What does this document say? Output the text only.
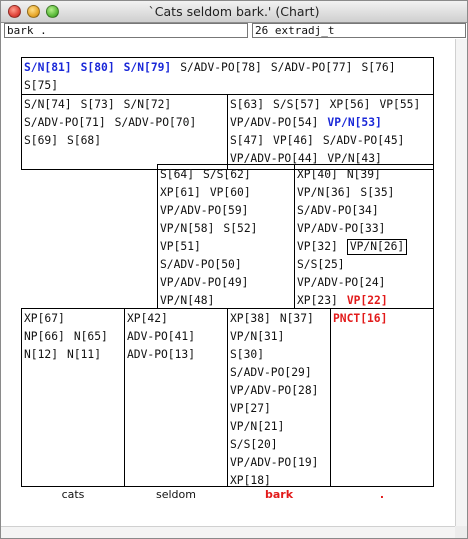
`Cats seldom bark.' (Chart)
bark .	26 extradj_t
S/N[81] S[80] S/N[79] S/ADV-PO[78] S/ADV-PO[77] S[76]S[75]
S/N[74] S[73] S/N[72]S/ADV-PO[71] S/ADV-PO[70]S[69] S[68]
S[63] S/S[57] XP[56] VP[55]VP/ADV-PO[54] VP/N[53]S[47] VP[46] S/ADV-PO[45]VP/ADV-PO[44] VP/N[43]
S[64] S/S[62]XP[61] VP[60]VP/ADV-PO[59]VP/N[58] S[52]VP[51]S/ADV-PO[50]VP/ADV-PO[49]VP/N[48]
XP[40] N[39]VP/N[36] S[35]S/ADV-PO[34]VP/ADV-PO[33]VP[32] VP/N[26]S/S[25]VP/ADV-PO[24]XP[23] VP[22]
XP[67]NP[66] N[65]N[12] N[11]
XP[42]ADV-PO[41]ADV-PO[13]
XP[38] N[37]VP/N[31]S[30]S/ADV-PO[29]VP/ADV-PO[28]VP[27]VP/N[21]S/S[20]VP/ADV-PO[19]XP[18]
PNCT[16]
cats	seldom	bark	.
